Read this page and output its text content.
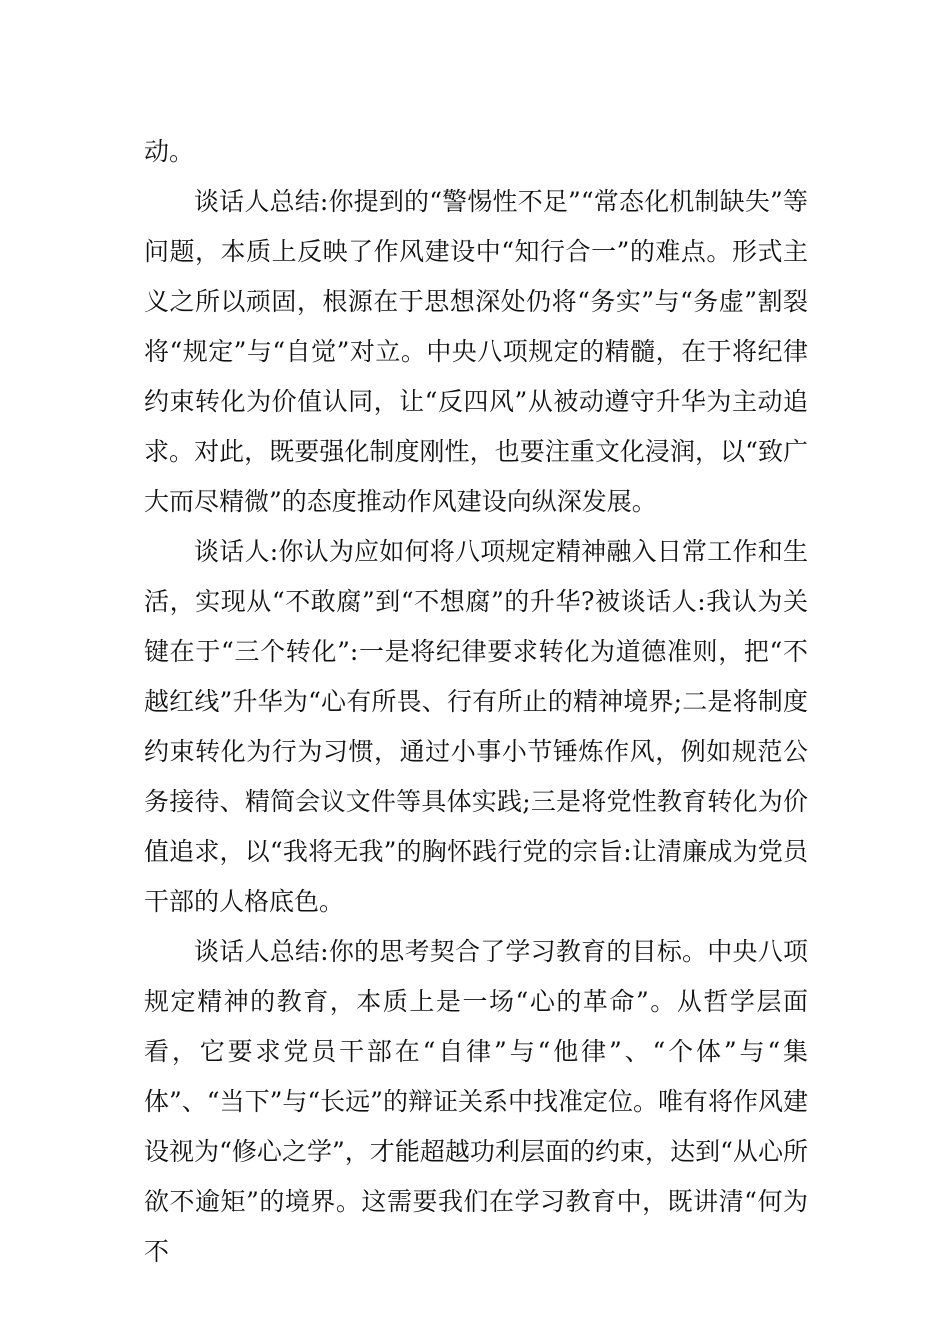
动。

谈话人总结:你提到的“警惕性不足”“常态化机制缺失”等问题，本质上反映了作风建设中“知行合一”的难点。形式主义之所以顽固，根源在于思想深处仍将“务实”与“务虚”割裂将“规定”与“自觉”对立。中央八项规定的精髓，在于将纪律约束转化为价值认同，让“反四风”从被动遵守升华为主动追求。对此，既要强化制度刚性，也要注重文化浸润，以“致广大而尽精微”的态度推动作风建设向纵深发展。

谈话人:你认为应如何将八项规定精神融入日常工作和生活，实现从“不敢腐”到“不想腐”的升华?被谈话人:我认为关键在于“三个转化”:一是将纪律要求转化为道德准则，把“不越红线”升华为“心有所畏、行有所止的精神境界;二是将制度约束转化为行为习惯，通过小事小节锤炼作风，例如规范公务接待、精简会议文件等具体实践;三是将党性教育转化为价值追求，以“我将无我”的胸怀践行党的宗旨:让清廉成为党员干部的人格底色。

谈话人总结:你的思考契合了学习教育的目标。中央八项规定精神的教育，本质上是一场“心的革命”。从哲学层面看，它要求党员干部在“自律”与“他律”、“个体”与“集体”、“当下”与“长远”的辩证关系中找准定位。唯有将作风建设视为“修心之学”，才能超越功利层面的约束，达到“从心所欲不逾矩”的境界。这需要我们在学习教育中，既讲清“何为不
